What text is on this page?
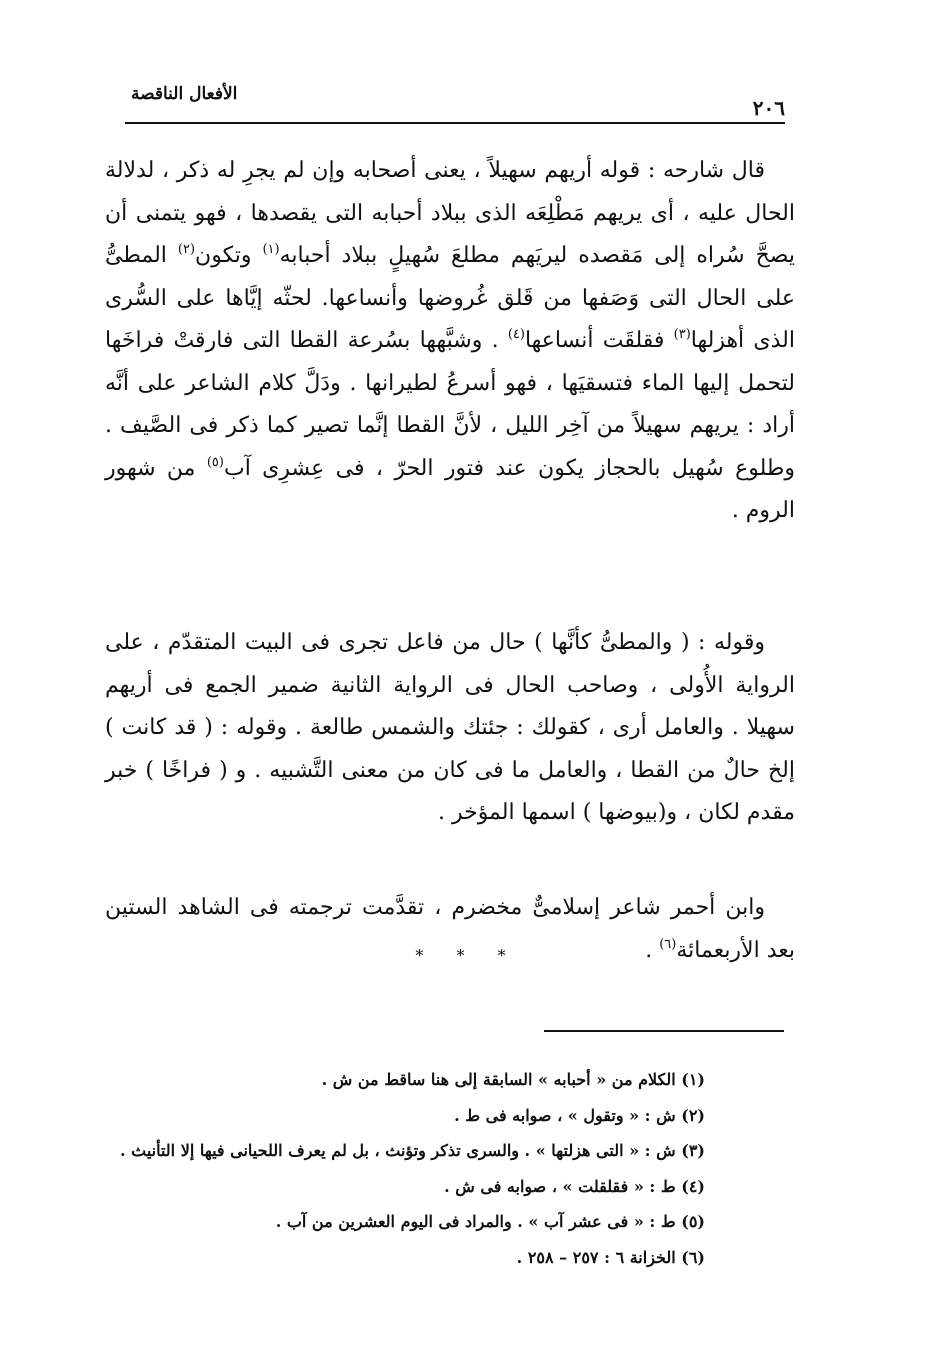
٢٠٦
الأفعال الناقصة

قال شارحه : قوله أريهم سهيلاً ، يعنى أصحابه وإن لم يجرِ له ذكر ، لدلالة الحال عليه ، أى يريهم مَطْلِعَه الذى ببلاد أحبابه التى يقصدها ، فهو يتمنى أن يصحَّ سُراه إلى مَقصده ليريَهم مطلعَ سُهيلٍ ببلاد أحبابه$^{(١)}$ وتكون$^{(٢)}$ المطىُّ على الحال التى وَصَفها من قَلق غُروضها وأنساعها. لحثّه إيَّاها على السُّرى الذى أهزلها$^{(٣)}$ فقلقَت أنساعها$^{(٤)}$ . وشبَّهها بسُرعة القطا التى فارقتْ فراخَها لتحمل إليها الماء فتسقيَها ، فهو أسرعُ لطيرانها . ودَلَّ كلام الشاعر على أنَّه أراد : يريهم سهيلاً من آخِر الليل ، لأنَّ القطا إنَّما تصير كما ذكر فى الصَّيف . وطلوع سُهيل بالحجاز يكون عند فتور الحرّ ، فى عِشرِى آب$^{(٥)}$ من شهور الروم .

وقوله : ( والمطىُّ كأنَّها ) حال من فاعل تجرى فى البيت المتقدّم ، على الرواية الأُولى ، وصاحب الحال فى الرواية الثانية ضمير الجمع فى أريهم سهيلا . والعامل أرى ، كقولك : جئتك والشمس طالعة . وقوله : ( قد كانت ) إلخ حالٌ من القطا ، والعامل ما فى كان من معنى التَّشبيه . و ( فراخًا ) خبر مقدم لكان ، و(بيوضها ) اسمها المؤخر .

وابن أحمر شاعر إسلامىٌّ مخضرم ، تقدَّمت ترجمته فى الشاهد الستين بعد الأربعمائة$^{(٦)}$ .

* * *
(١) الكلام من « أحبابه » السابقة إلى هنا ساقط من ش .
(٢) ش : « وتقول » ، صوابه فى ط .
(٣) ش : « التى هزلتها » . والسرى تذكر وتؤنث ، بل لم يعرف اللحيانى فيها إلا التأنيث .
(٤) ط : « فقلقلت » ، صوابه فى ش .
(٥) ط : « فى عشر آب » . والمراد فى اليوم العشرين من آب .
(٦) الخزانة ٦ : ٢٥٧ – ٢٥٨ .
